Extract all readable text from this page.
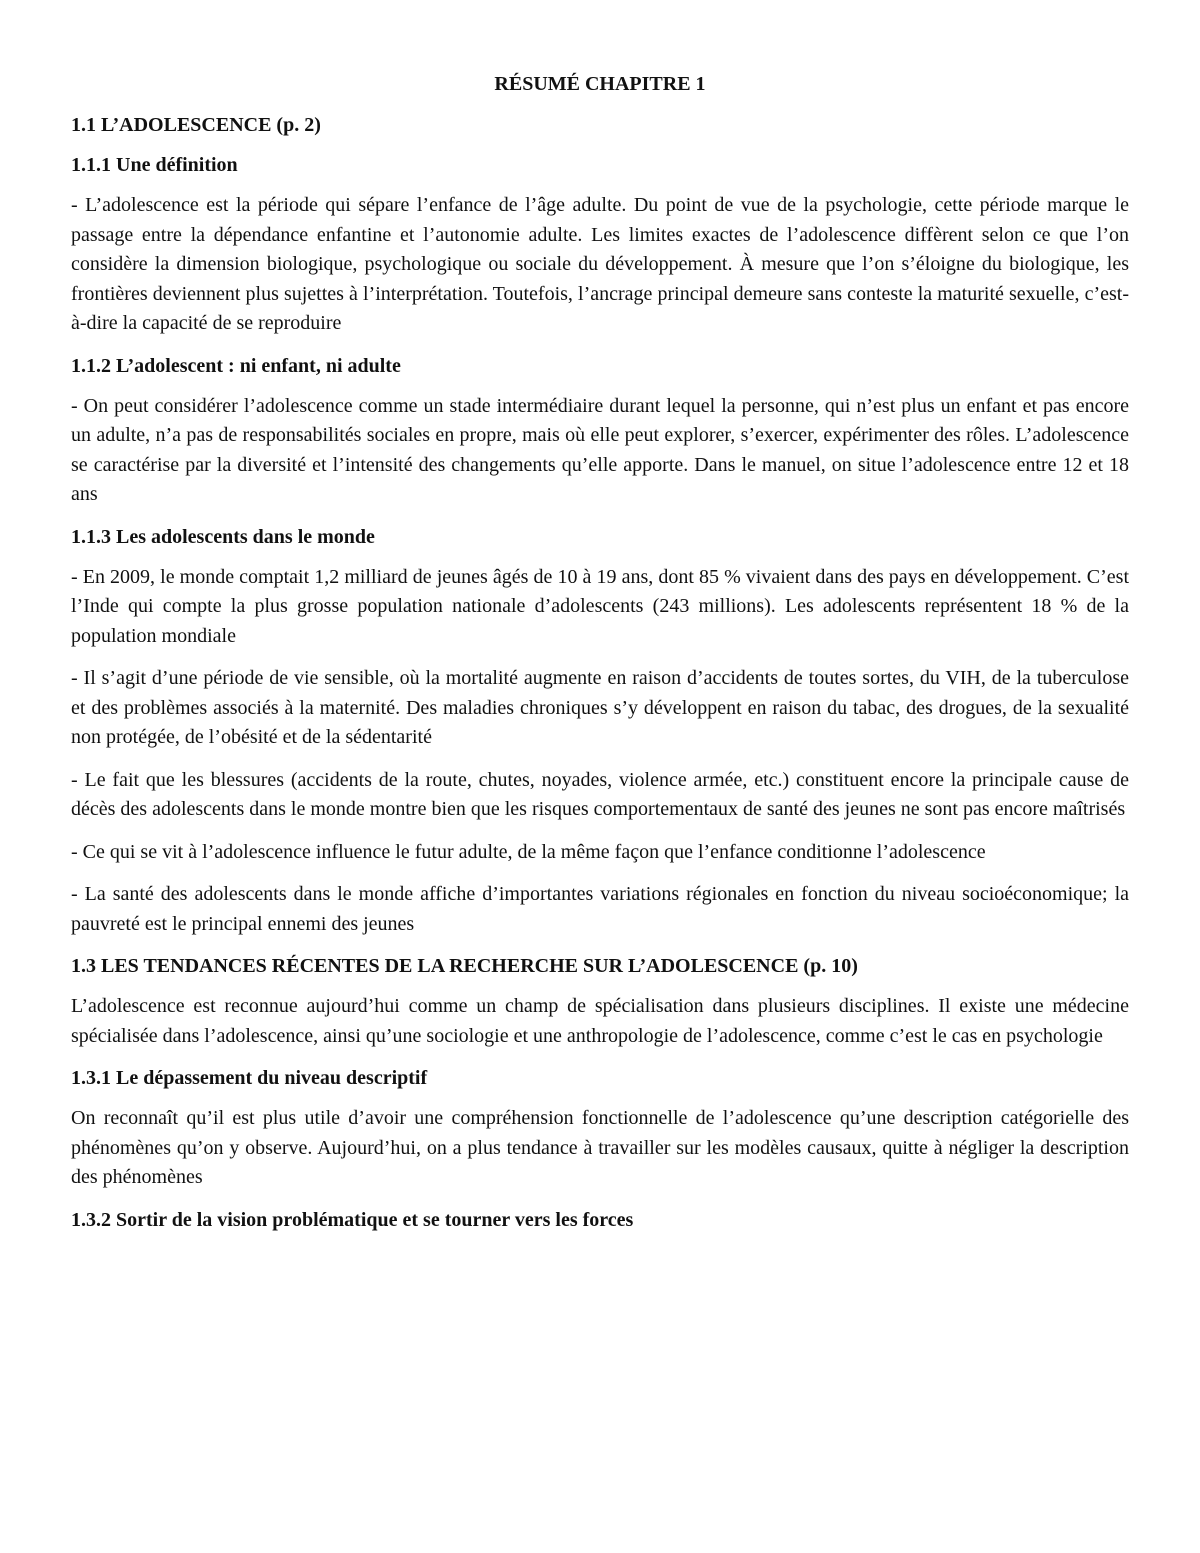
RÉSUMÉ CHAPITRE 1
1.1 L’ADOLESCENCE (p. 2)
1.1.1 Une définition

- L’adolescence est la période qui sépare l’enfance de l’âge adulte. Du point de vue de la psychologie, cette période marque le passage entre la dépendance enfantine et l’autonomie adulte. Les limites exactes de l’adolescence diffèrent selon ce que l’on considère la dimension biologique, psychologique ou sociale du développement. À mesure que l’on s’éloigne du biologique, les frontières deviennent plus sujettes à l’interprétation. Toutefois, l’ancrage principal demeure sans conteste la maturité sexuelle, c’est-à-dire la capacité de se reproduire

1.1.2 L’adolescent : ni enfant, ni adulte

- On peut considérer l’adolescence comme un stade intermédiaire durant lequel la personne, qui n’est plus un enfant et pas encore un adulte, n’a pas de responsabilités sociales en propre, mais où elle peut explorer, s’exercer, expérimenter des rôles. L’adolescence se caractérise par la diversité et l’intensité des changements qu’elle apporte. Dans le manuel, on situe l’adolescence entre 12 et 18 ans

1.1.3 Les adolescents dans le monde

- En 2009, le monde comptait 1,2 milliard de jeunes âgés de 10 à 19 ans, dont 85 % vivaient dans des pays en développement. C’est l’Inde qui compte la plus grosse population nationale d’adolescents (243 millions). Les adolescents représentent 18 % de la population mondiale

- Il s’agit d’une période de vie sensible, où la mortalité augmente en raison d’accidents de toutes sortes, du VIH, de la tuberculose et des problèmes associés à la maternité. Des maladies chroniques s’y développent en raison du tabac, des drogues, de la sexualité non protégée, de l’obésité et de la sédentarité

- Le fait que les blessures (accidents de la route, chutes, noyades, violence armée, etc.) constituent encore la principale cause de décès des adolescents dans le monde montre bien que les risques comportementaux de santé des jeunes ne sont pas encore maîtrisés

- Ce qui se vit à l’adolescence influence le futur adulte, de la même façon que l’enfance conditionne l’adolescence

- La santé des adolescents dans le monde affiche d’importantes variations régionales en fonction du niveau socioéconomique; la pauvreté est le principal ennemi des jeunes

1.3 LES TENDANCES RÉCENTES DE LA RECHERCHE SUR L’ADOLESCENCE (p. 10)

L’adolescence est reconnue aujourd’hui comme un champ de spécialisation dans plusieurs disciplines. Il existe une médecine spécialisée dans l’adolescence, ainsi qu’une sociologie et une anthropologie de l’adolescence, comme c’est le cas en psychologie

1.3.1 Le dépassement du niveau descriptif

On reconnaît qu’il est plus utile d’avoir une compréhension fonctionnelle de l’adolescence qu’une description catégorielle des phénomènes qu’on y observe. Aujourd’hui, on a plus tendance à travailler sur les modèles causaux, quitte à négliger la description des phénomènes

1.3.2 Sortir de la vision problématique et se tourner vers les forces
